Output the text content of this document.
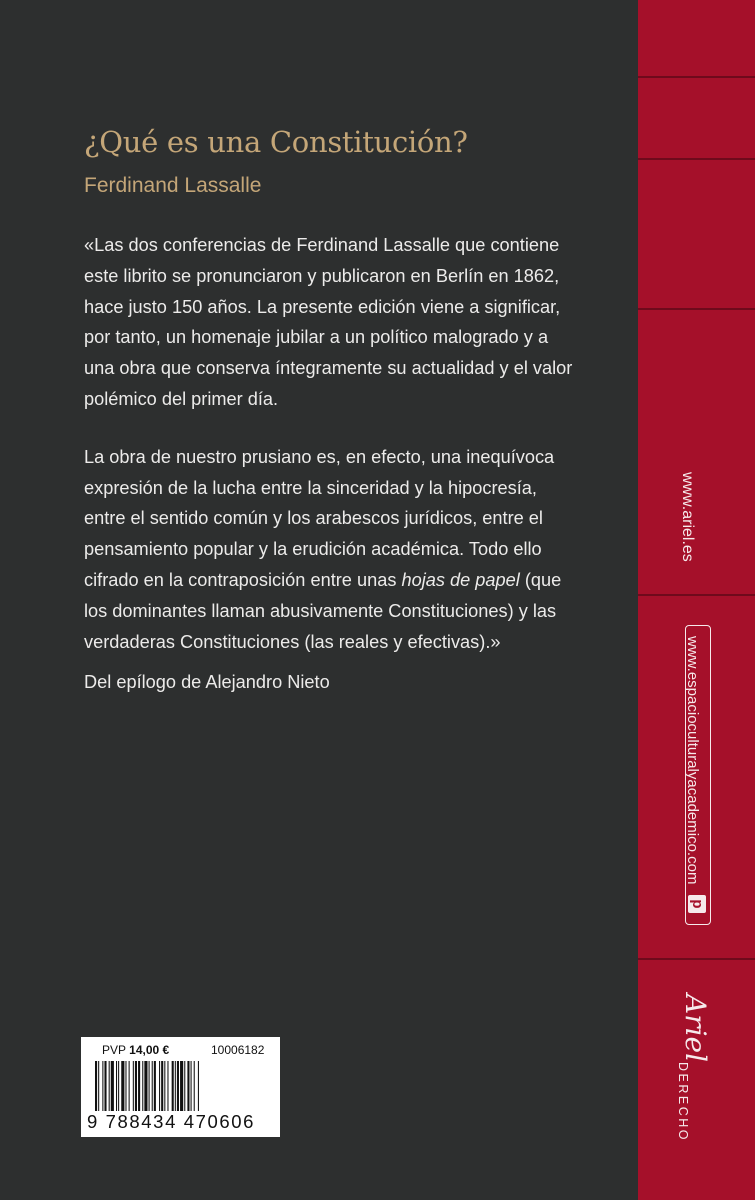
¿Qué es una Constitución?
Ferdinand Lassalle

«Las dos conferencias de Ferdinand Lassalle que contiene
este librito se pronunciaron y publicaron en Berlín en 1862,
hace justo 150 años. La presente edición viene a significar,
por tanto, un homenaje jubilar a un político malogrado y a
una obra que conserva íntegramente su actualidad y el valor
polémico del primer día.

La obra de nuestro prusiano es, en efecto, una inequívoca
expresión de la lucha entre la sinceridad y la hipocresía,
entre el sentido común y los arabescos jurídicos, entre el
pensamiento popular y la erudición académica. Todo ello
cifrado en la contraposición entre unas hojas de papel (que
los dominantes llaman abusivamente Constituciones) y las
verdaderas Constituciones (las reales y efectivas).»

Del epílogo de Alejandro Nieto
PVP 14,00 €	10006182
9 788434 470606
www.ariel.es
www.espacioculturalyacademico.com
p
Ariel
DERECHO
